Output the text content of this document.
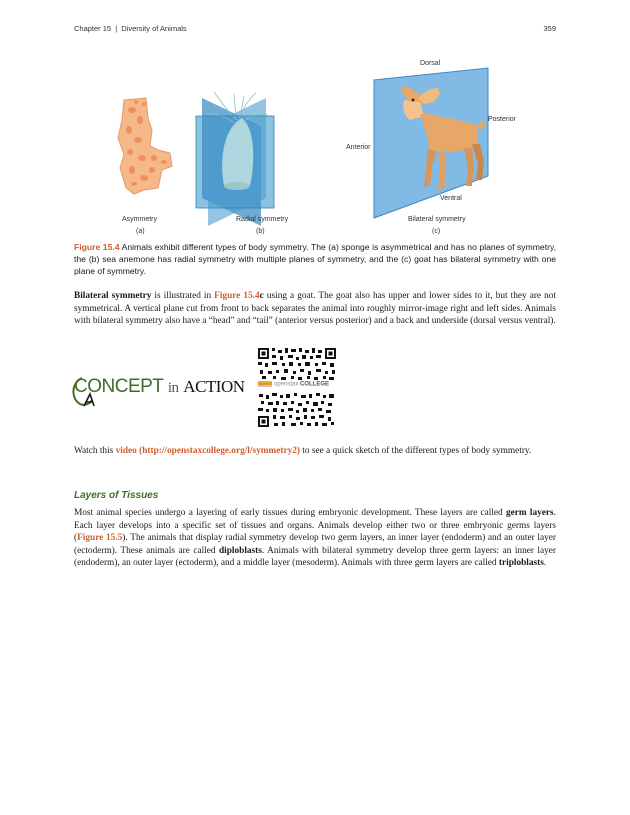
Chapter 15 | Diversity of Animals	359
Dorsal
Posterior
Anterior
Ventral
Asymmetry
(a)
Radial symmetry
(b)
Bilateral symmetry
(c)
Figure 15.4 Animals exhibit different types of body symmetry. The (a) sponge is asymmetrical and has no planes of symmetry, the (b) sea anemone has radial symmetry with multiple planes of symmetry, and the (c) goat has bilateral symmetry with one plane of symmetry.

Bilateral symmetry is illustrated in Figure 15.4c using a goat. The goat also has upper and lower sides to it, but they are not symmetrical. A vertical plane cut from front to back separates the animal into roughly mirror-image right and left sides. Animals with bilateral symmetry also have a “head” and “tail” (anterior versus posterior) and a back and underside (dorsal versus ventral).

CONCEPT in ACTION	openstax COLLEGE

Watch this video (http://openstaxcollege.org/l/symmetry2) to see a quick sketch of the different types of body symmetry.

Layers of Tissues

Most animal species undergo a layering of early tissues during embryonic development. These layers are called germ layers. Each layer develops into a specific set of tissues and organs. Animals develop either two or three embryonic germs layers (Figure 15.5). The animals that display radial symmetry develop two germ layers, an inner layer (endoderm) and an outer layer (ectoderm). These animals are called diploblasts. Animals with bilateral symmetry develop three germ layers: an inner layer (endoderm), an outer layer (ectoderm), and a middle layer (mesoderm). Animals with three germ layers are called triploblasts.
